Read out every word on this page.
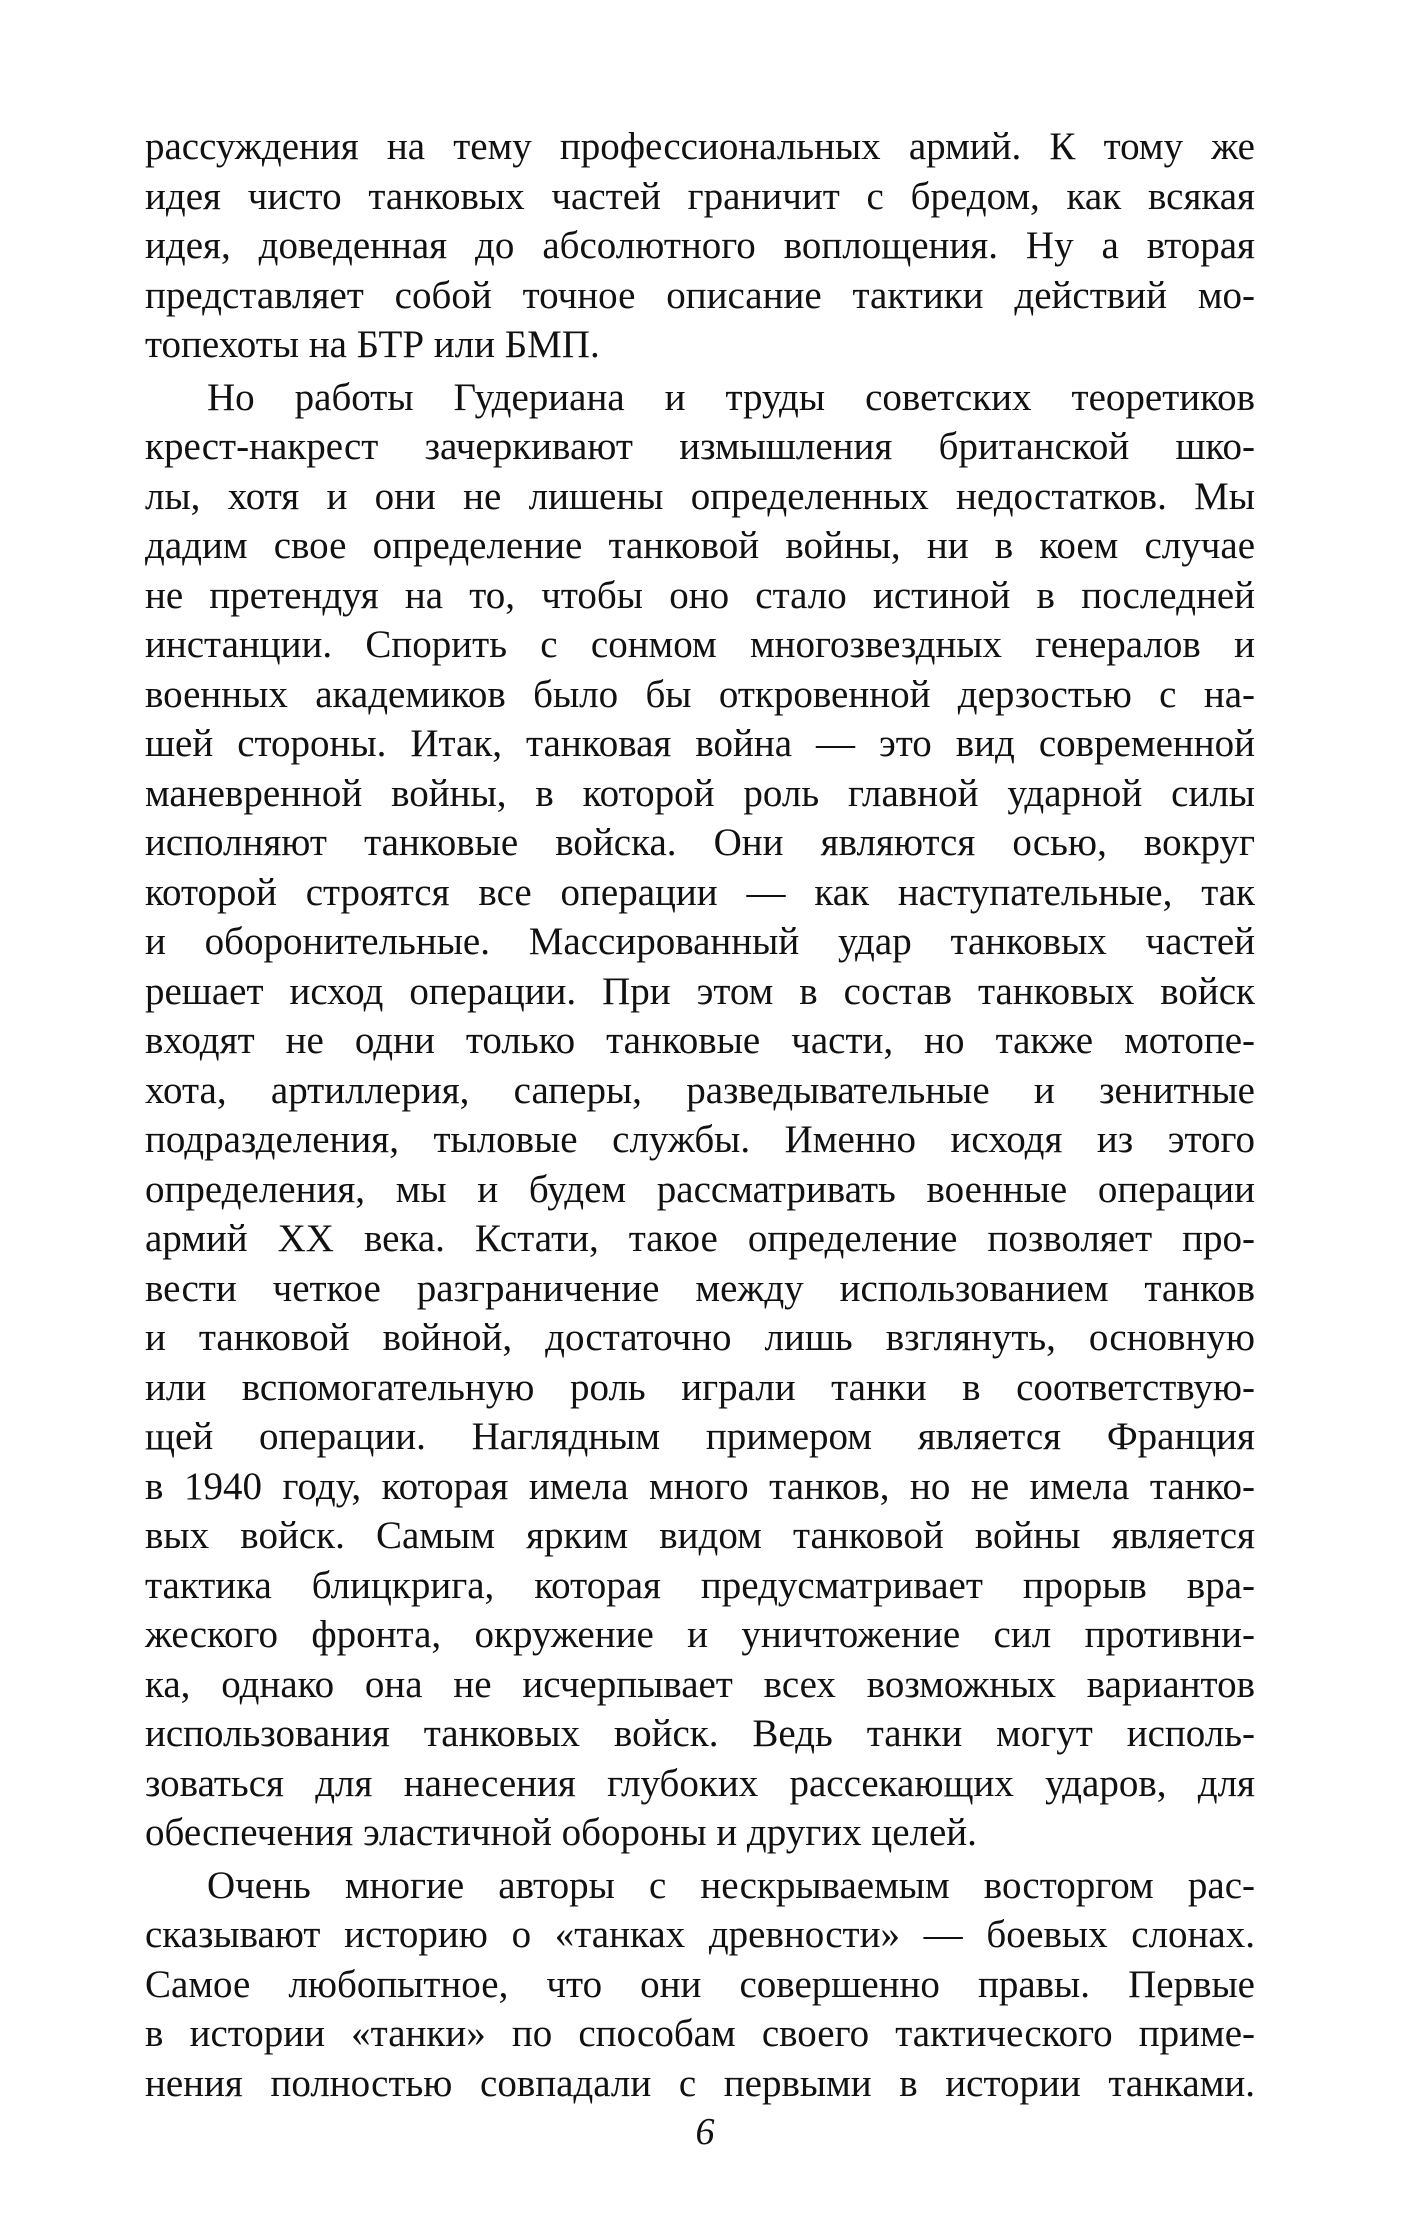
рассуждения на тему профессиональных армий. К тому же
идея чисто танковых частей граничит с бредом, как всякая
идея, доведенная до абсолютного воплощения. Ну а вторая
представляет собой точное описание тактики действий мо-
топехоты на БТР или БМП.
Но работы Гудериана и труды советских теоретиков
крест-накрест зачеркивают измышления британской шко-
лы, хотя и они не лишены определенных недостатков. Мы
дадим свое определение танковой войны, ни в коем случае
не претендуя на то, чтобы оно стало истиной в последней
инстанции. Спорить с сонмом многозвездных генералов и
военных академиков было бы откровенной дерзостью с на-
шей стороны. Итак, танковая война — это вид современной
маневренной войны, в которой роль главной ударной силы
исполняют танковые войска. Они являются осью, вокруг
которой строятся все операции — как наступательные, так
и оборонительные. Массированный удар танковых частей
решает исход операции. При этом в состав танковых войск
входят не одни только танковые части, но также мотопе-
хота, артиллерия, саперы, разведывательные и зенитные
подразделения, тыловые службы. Именно исходя из этого
определения, мы и будем рассматривать военные операции
армий XX века. Кстати, такое определение позволяет про-
вести четкое разграничение между использованием танков
и танковой войной, достаточно лишь взглянуть, основную
или вспомогательную роль играли танки в соответствую-
щей операции. Наглядным примером является Франция
в 1940 году, которая имела много танков, но не имела танко-
вых войск. Самым ярким видом танковой войны является
тактика блицкрига, которая предусматривает прорыв вра-
жеского фронта, окружение и уничтожение сил противни-
ка, однако она не исчерпывает всех возможных вариантов
использования танковых войск. Ведь танки могут исполь-
зоваться для нанесения глубоких рассекающих ударов, для
обеспечения эластичной обороны и других целей.
Очень многие авторы с нескрываемым восторгом рас-
сказывают историю о «танках древности» — боевых слонах.
Самое любопытное, что они совершенно правы. Первые
в истории «танки» по способам своего тактического приме-
нения полностью совпадали с первыми в истории танками.
6
